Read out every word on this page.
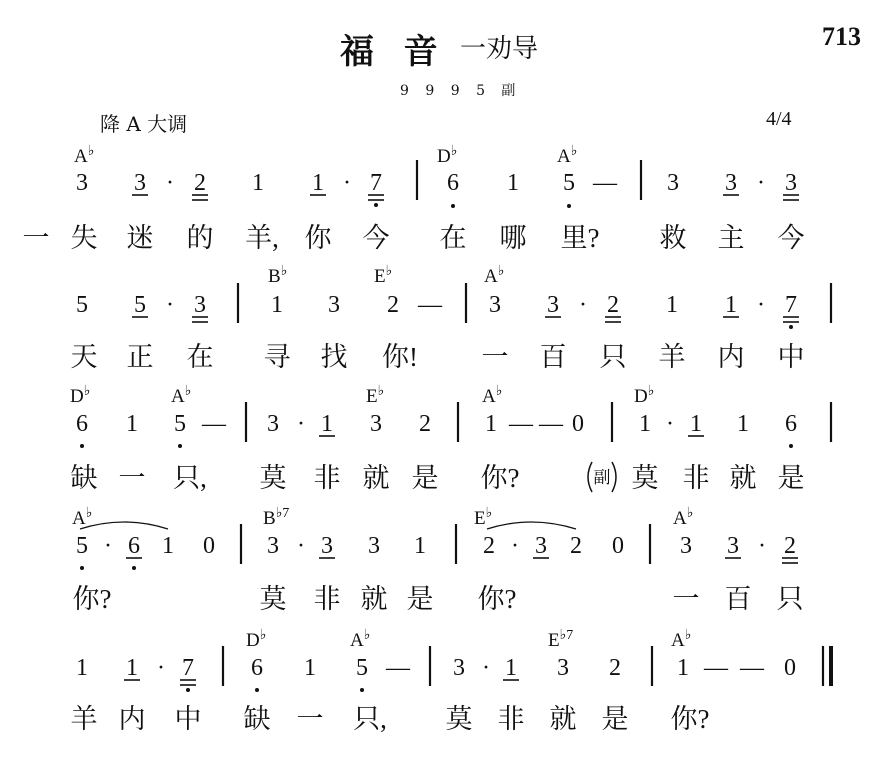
福  音 一劝导	713
9 9 9 5 副
降 A 大调	4/4
A♭	D♭	A♭
B♭	E♭	A♭
D♭	A♭	E♭	A♭	D♭
A♭	$B^{♭7}$	E♭	A♭
D♭	A♭	$E^{♭7}$	A♭
3 3 · 2 1 1 · 7	6 1 5 — 3 3 · 3
5 5 · 3	1 3 2 — 3 3 · 2 1 1 · 7
6 1 5 — 3 · 1 3 2 1 — — 0 1 · 1 1 6
5 · 6 1 0 3 · 3 3 1 2 · 3 2 0 3 3 · 2
1 1 · 7 6 1 5 — 3 · 1 3 2 1 — — 0
一 失 迷 的 羊, 你 今 在 哪 里? 救 主 今
天 正 在 寻 找 你! 一 百 只 羊 内 中
缺 一 只, 莫 非 就 是 你?	莫 非 就 是
副
你?	莫 非 就 是 你?	一 百 只
羊 内 中 缺 一 只, 莫 非 就 是 你?
